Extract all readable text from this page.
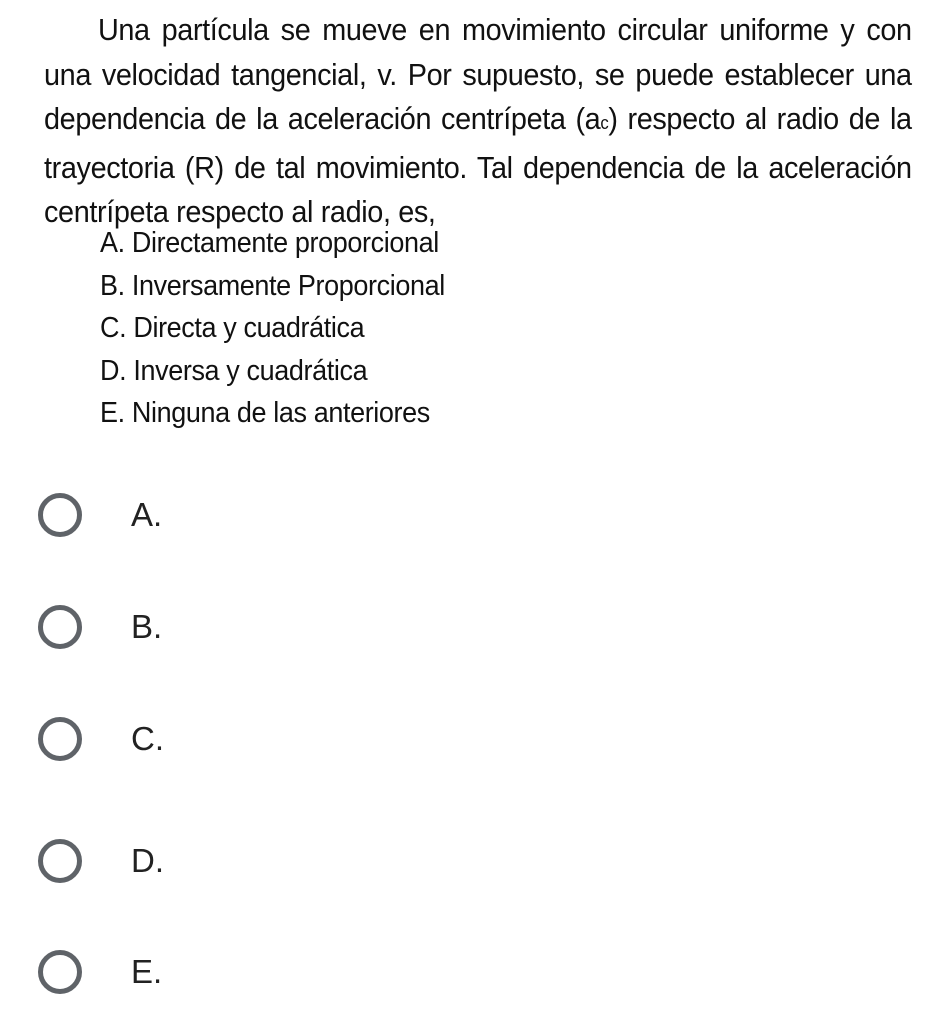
Una partícula se mueve en movimiento circular uniforme y con una velocidad tangencial, v. Por supuesto, se puede establecer una dependencia de la aceleración centrípeta (ac) respecto al radio de la trayectoria (R) de tal movimiento. Tal dependencia de la aceleración centrípeta respecto al radio, es,

A. Directamente proporcional
B. Inversamente Proporcional
C. Directa y cuadrática
D. Inversa y cuadrática
E. Ninguna de las anteriores
A.
B.
C.
D.
E.
